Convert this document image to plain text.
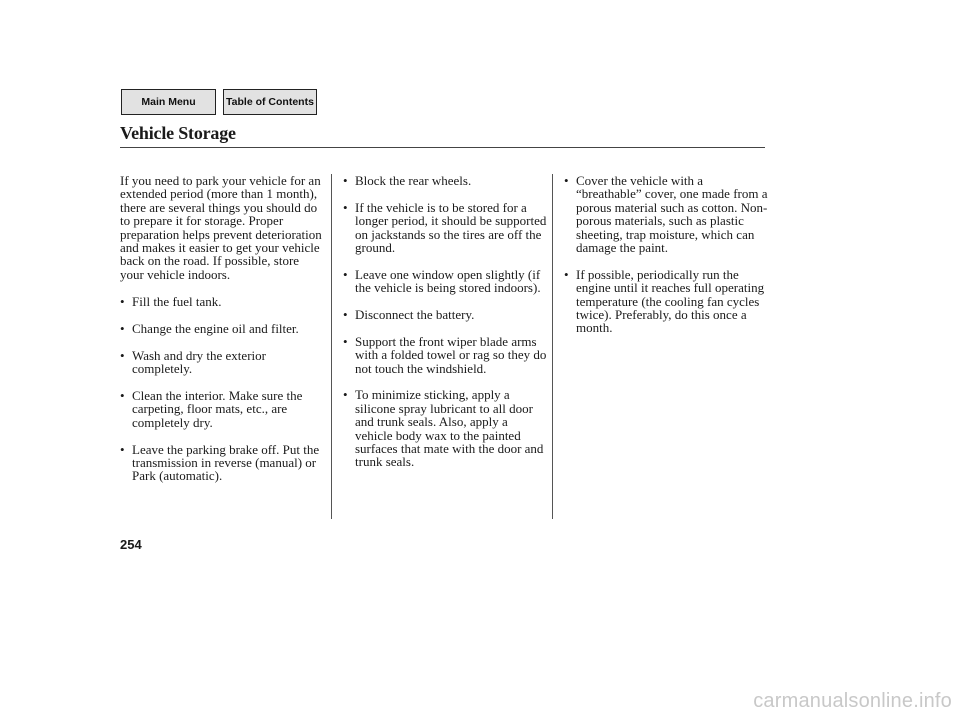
Main Menu	Table of Contents
Vehicle Storage

If you need to park your vehicle for an extended period (more than 1 month), there are several things you should do to prepare it for storage. Proper preparation helps prevent deterioration and makes it easier to get your vehicle back on the road. If possible, store your vehicle indoors.

• Fill the fuel tank.
• Change the engine oil and filter.
• Wash and dry the exterior completely.
• Clean the interior. Make sure the carpeting, floor mats, etc., are completely dry.
• Leave the parking brake off. Put the transmission in reverse (manual) or Park (automatic).
• Block the rear wheels.
• If the vehicle is to be stored for a longer period, it should be supported on jackstands so the tires are off the ground.
• Leave one window open slightly (if the vehicle is being stored indoors).
• Disconnect the battery.
• Support the front wiper blade arms with a folded towel or rag so they do not touch the windshield.
• To minimize sticking, apply a silicone spray lubricant to all door and trunk seals. Also, apply a vehicle body wax to the painted surfaces that mate with the door and trunk seals.
• Cover the vehicle with a “breathable” cover, one made from a porous material such as cotton. Non-porous materials, such as plastic sheeting, trap moisture, which can damage the paint.
• If possible, periodically run the engine until it reaches full operating temperature (the cooling fan cycles twice). Preferably, do this once a month.
254
carmanualsonline.info
